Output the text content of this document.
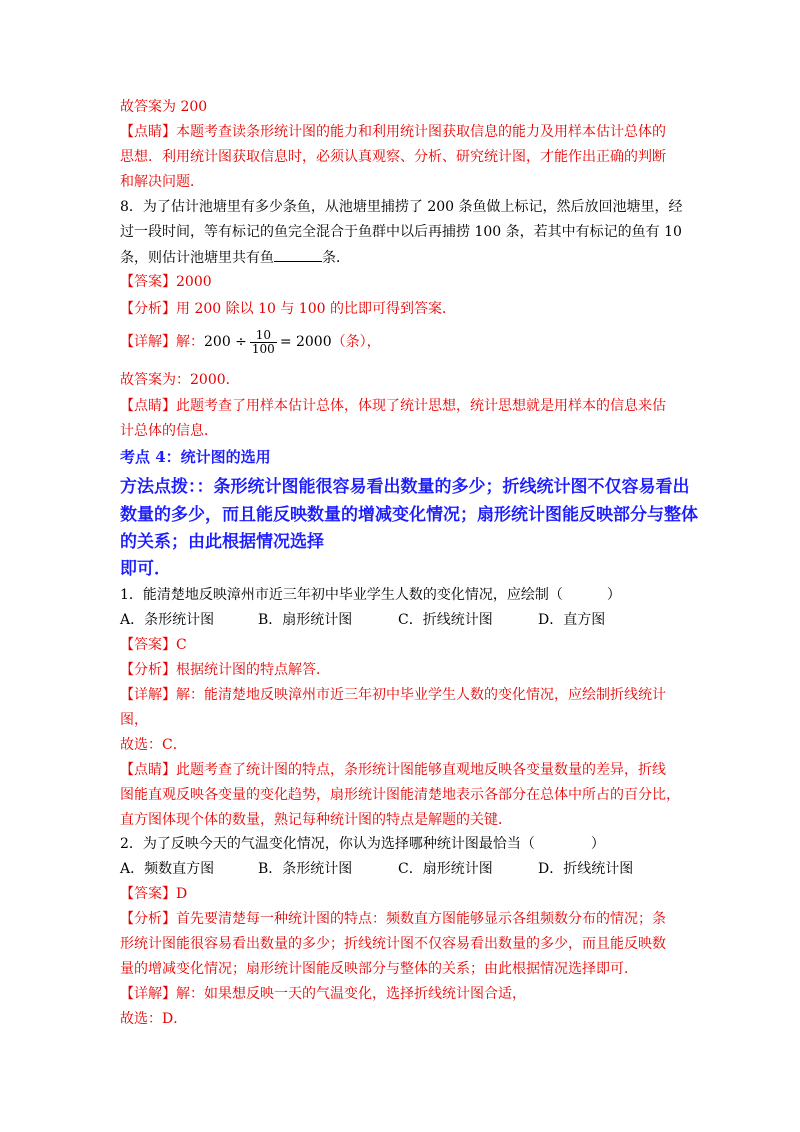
故答案为 200
【点睛】本题考查读条形统计图的能力和利用统计图获取信息的能力及用样本估计总体的
思想．利用统计图获取信息时，必须认真观察、分析、研究统计图，才能作出正确的判断
和解决问题．
8．为了估计池塘里有多少条鱼，从池塘里捕捞了 200 条鱼做上标记，然后放回池塘里，经
过一段时间，等有标记的鱼完全混合于鱼群中以后再捕捞 100 条，若其中有标记的鱼有 10
条，则估计池塘里共有鱼	条．
【答案】2000
【分析】用 200 除以 10 与 100 的比即可得到答案．
【详解】解：$200 \div \frac{10}{100} = 2000$（条），
故答案为：2000．
【点睛】此题考查了用样本估计总体，体现了统计思想，统计思想就是用样本的信息来估
计总体的信息．
考点 4：统计图的选用
方法点拨：：条形统计图能很容易看出数量的多少；折线统计图不仅容易看出
数量的多少，而且能反映数量的增减变化情况；扇形统计图能反映部分与整体
的关系；由此根据情况选择
即可．
1．能清楚地反映漳州市近三年初中毕业学生人数的变化情况，应绘制（	）
A．条形统计图	B．扇形统计图	C．折线统计图	D．直方图
【答案】C
【分析】根据统计图的特点解答．
【详解】解：能清楚地反映漳州市近三年初中毕业学生人数的变化情况，应绘制折线统计
图，
故选：C．
【点睛】此题考查了统计图的特点，条形统计图能够直观地反映各变量数量的差异，折线
图能直观反映各变量的变化趋势，扇形统计图能清楚地表示各部分在总体中所占的百分比，
直方图体现个体的数量，熟记每种统计图的特点是解题的关键．
2．为了反映今天的气温变化情况，你认为选择哪种统计图最恰当（	）
A．频数直方图	B．条形统计图	C．扇形统计图	D．折线统计图
【答案】D
【分析】首先要清楚每一种统计图的特点：频数直方图能够显示各组频数分布的情况；条
形统计图能很容易看出数量的多少；折线统计图不仅容易看出数量的多少，而且能反映数
量的增减变化情况；扇形统计图能反映部分与整体的关系；由此根据情况选择即可．
【详解】解：如果想反映一天的气温变化，选择折线统计图合适，
故选：D．
